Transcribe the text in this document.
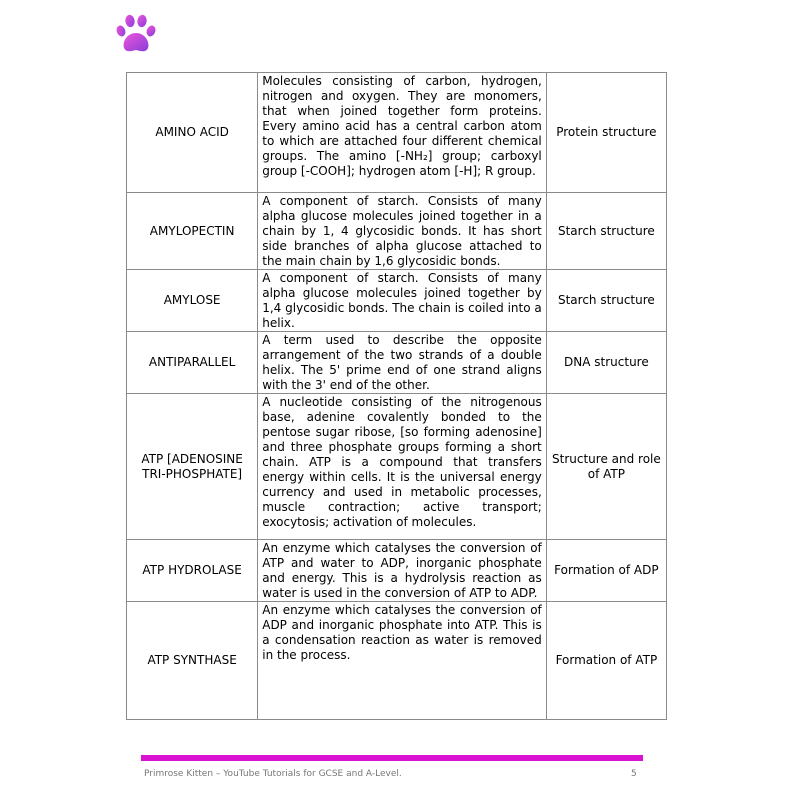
AMINO ACID	Molecules consisting of carbon, hydrogen, nitrogen and oxygen. They are monomers, that when joined together form proteins. Every amino acid has a central carbon atom to which are attached four different chemical groups. The amino [-NH₂] group; carboxyl group [-COOH]; hydrogen atom [-H]; R group.	Protein structure
AMYLOPECTIN	A component of starch. Consists of many alpha glucose molecules joined together in a chain by 1, 4 glycosidic bonds. It has short side branches of alpha glucose attached to the main chain by 1,6 glycosidic bonds.	Starch structure
AMYLOSE	A component of starch. Consists of many alpha glucose molecules joined together by 1,4 glycosidic bonds. The chain is coiled into a helix.	Starch structure
ANTIPARALLEL	A term used to describe the opposite arrangement of the two strands of a double helix. The 5' prime end of one strand aligns with the 3' end of the other.	DNA structure
ATP [ADENOSINE TRI-PHOSPHATE]	A nucleotide consisting of the nitrogenous base, adenine covalently bonded to the pentose sugar ribose, [so forming adenosine] and three phosphate groups forming a short chain. ATP is a compound that transfers energy within cells. It is the universal energy currency and used in metabolic processes, muscle contraction; active transport; exocytosis; activation of molecules.	Structure and role of ATP
ATP HYDROLASE	An enzyme which catalyses the conversion of ATP and water to ADP, inorganic phosphate and energy. This is a hydrolysis reaction as water is used in the conversion of ATP to ADP.	Formation of ADP
ATP SYNTHASE	An enzyme which catalyses the conversion of ADP and inorganic phosphate into ATP. This is a condensation reaction as water is removed in the process.	Formation of ATP
Primrose Kitten – YouTube Tutorials for GCSE and A-Level.	5
